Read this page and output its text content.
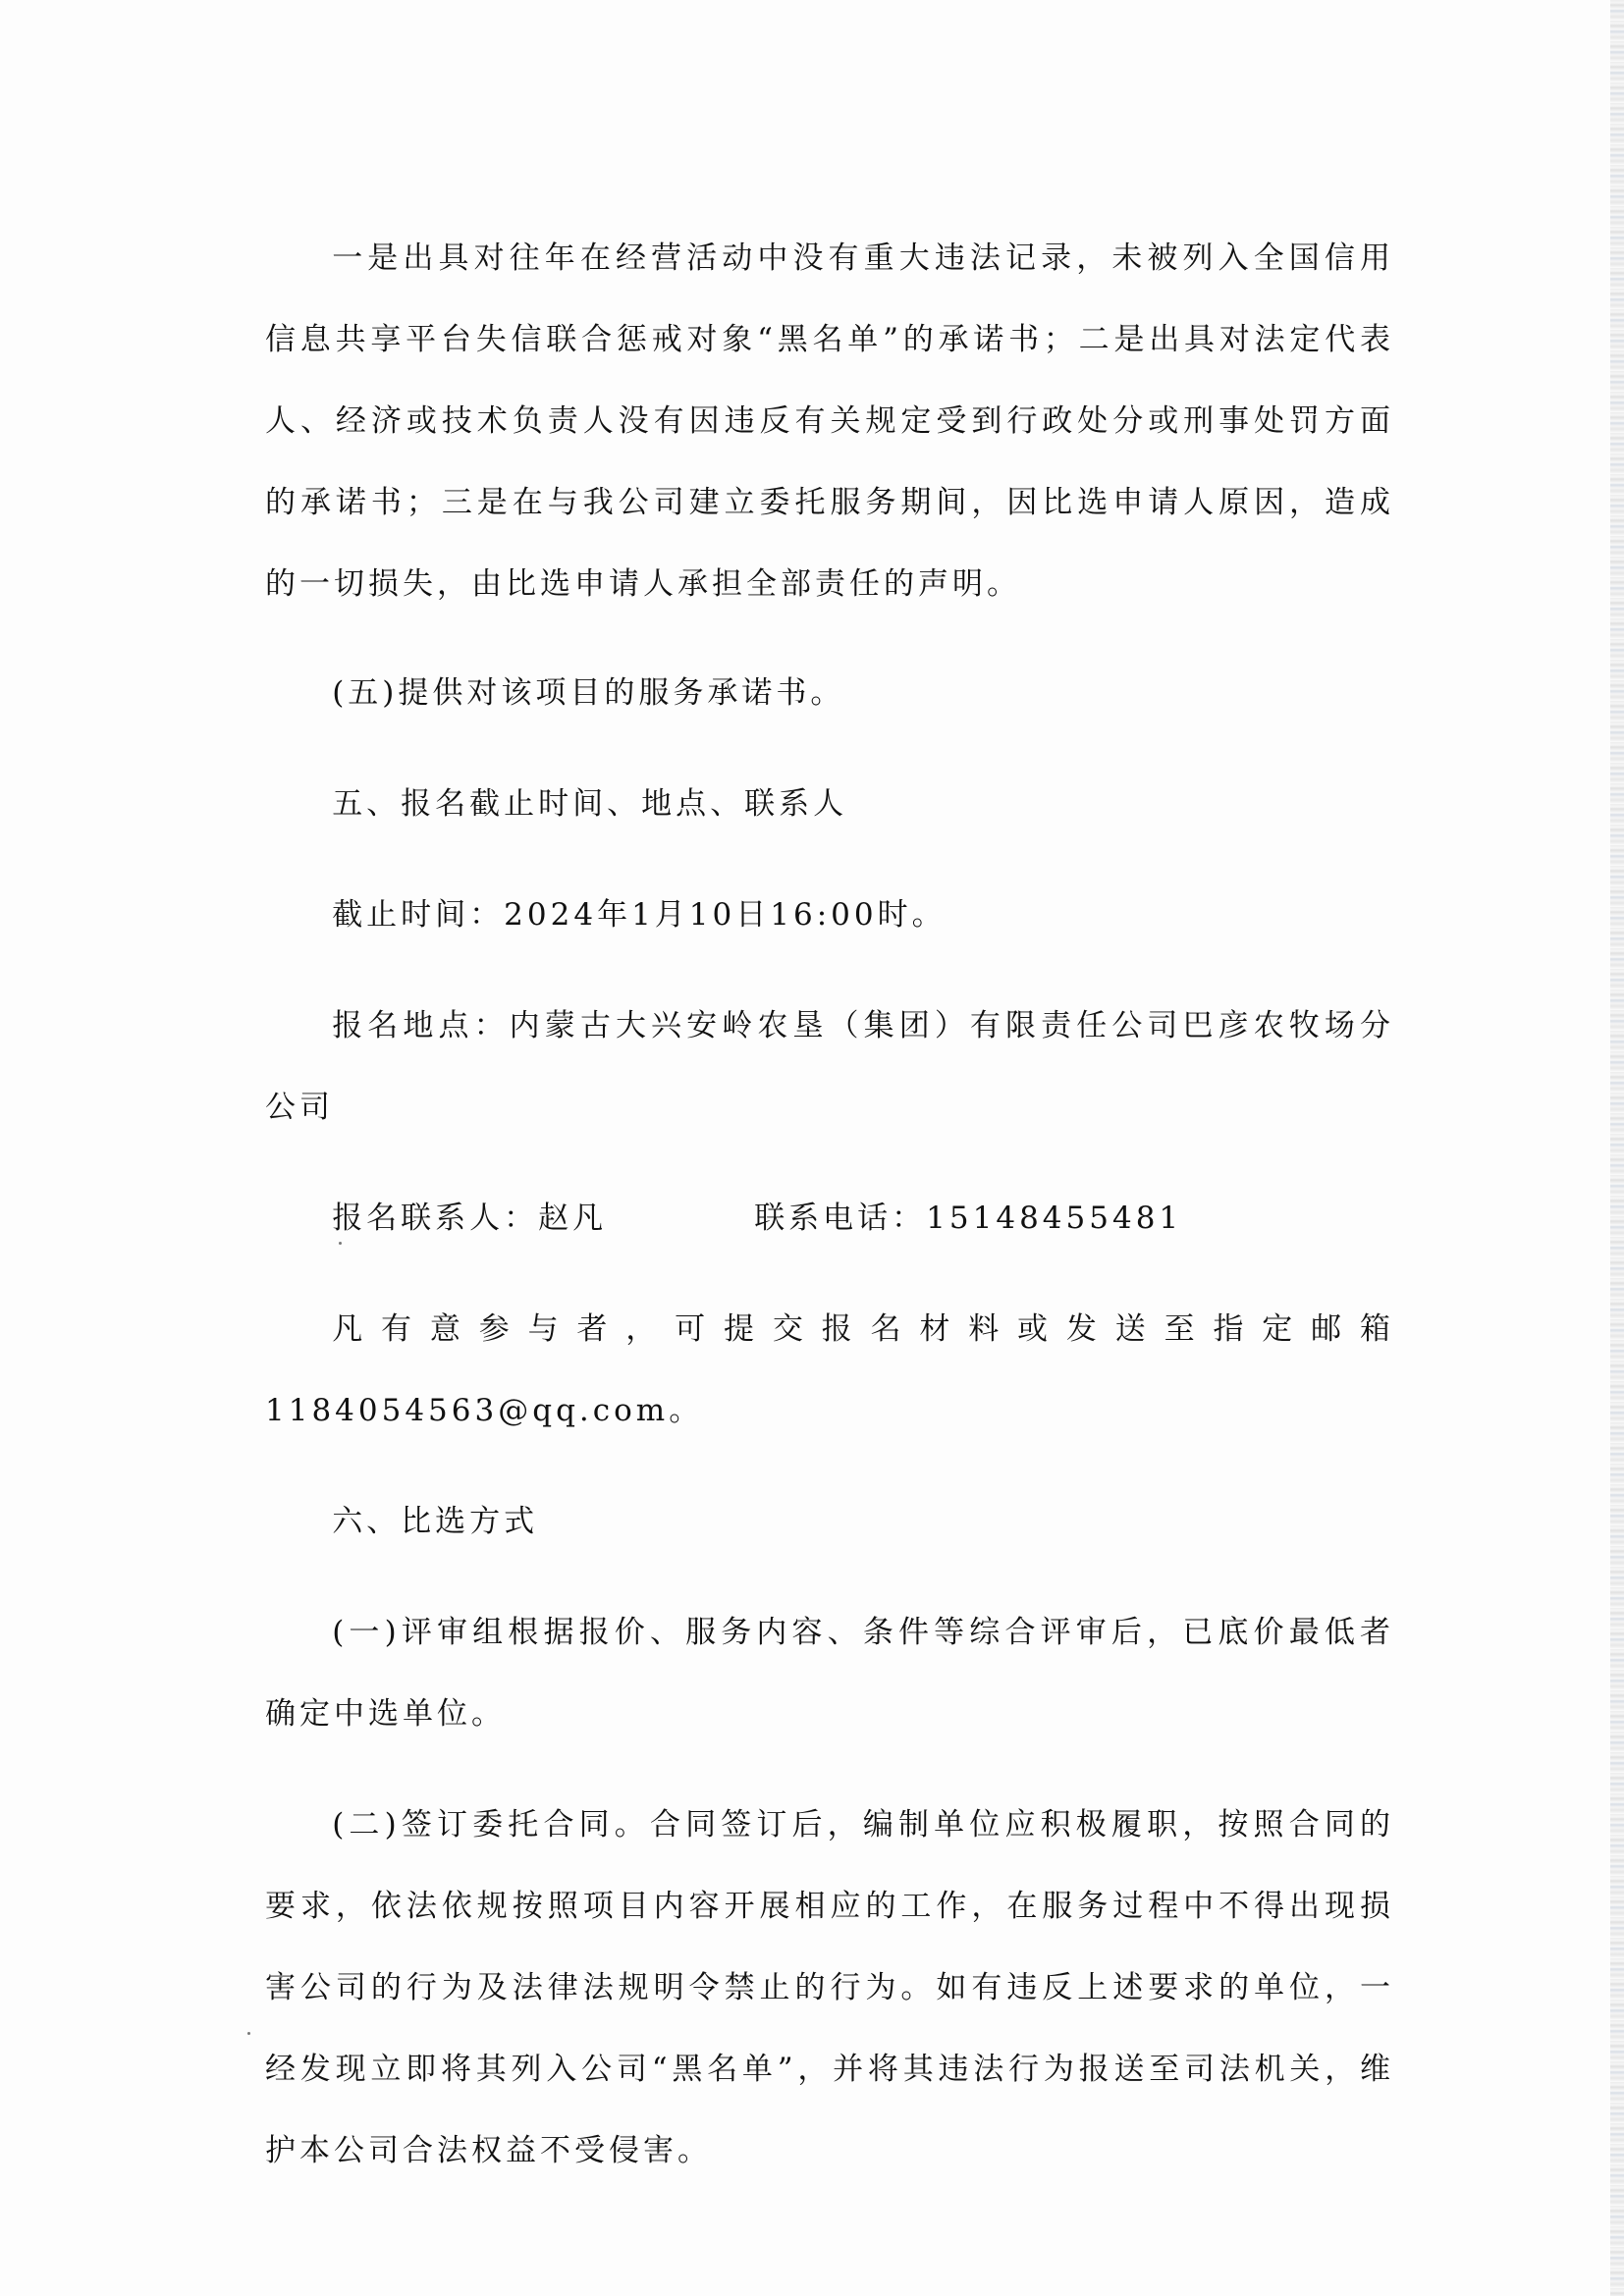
一是出具对往年在经营活动中没有重大违法记录，未被列入全国信用信息共享平台失信联合惩戒对象“黑名单”的承诺书；二是出具对法定代表人、经济或技术负责人没有因违反有关规定受到行政处分或刑事处罚方面的承诺书；三是在与我公司建立委托服务期间，因比选申请人原因，造成的一切损失，由比选申请人承担全部责任的声明。

(五)提供对该项目的服务承诺书。

五、报名截止时间、地点、联系人

截止时间：2024年1月10日16:00时。

报名地点：内蒙古大兴安岭农垦（集团）有限责任公司巴彦农牧场分公司

报名联系人：赵凡	联系电话：15148455481

凡有意参与者，可提交报名材料或发送至指定邮箱1184054563@qq.com。

六、比选方式

(一)评审组根据报价、服务内容、条件等综合评审后，已底价最低者确定中选单位。

(二)签订委托合同。合同签订后，编制单位应积极履职，按照合同的要求，依法依规按照项目内容开展相应的工作，在服务过程中不得出现损害公司的行为及法律法规明令禁止的行为。如有违反上述要求的单位，一经发现立即将其列入公司“黑名单”，并将其违法行为报送至司法机关，维护本公司合法权益不受侵害。
